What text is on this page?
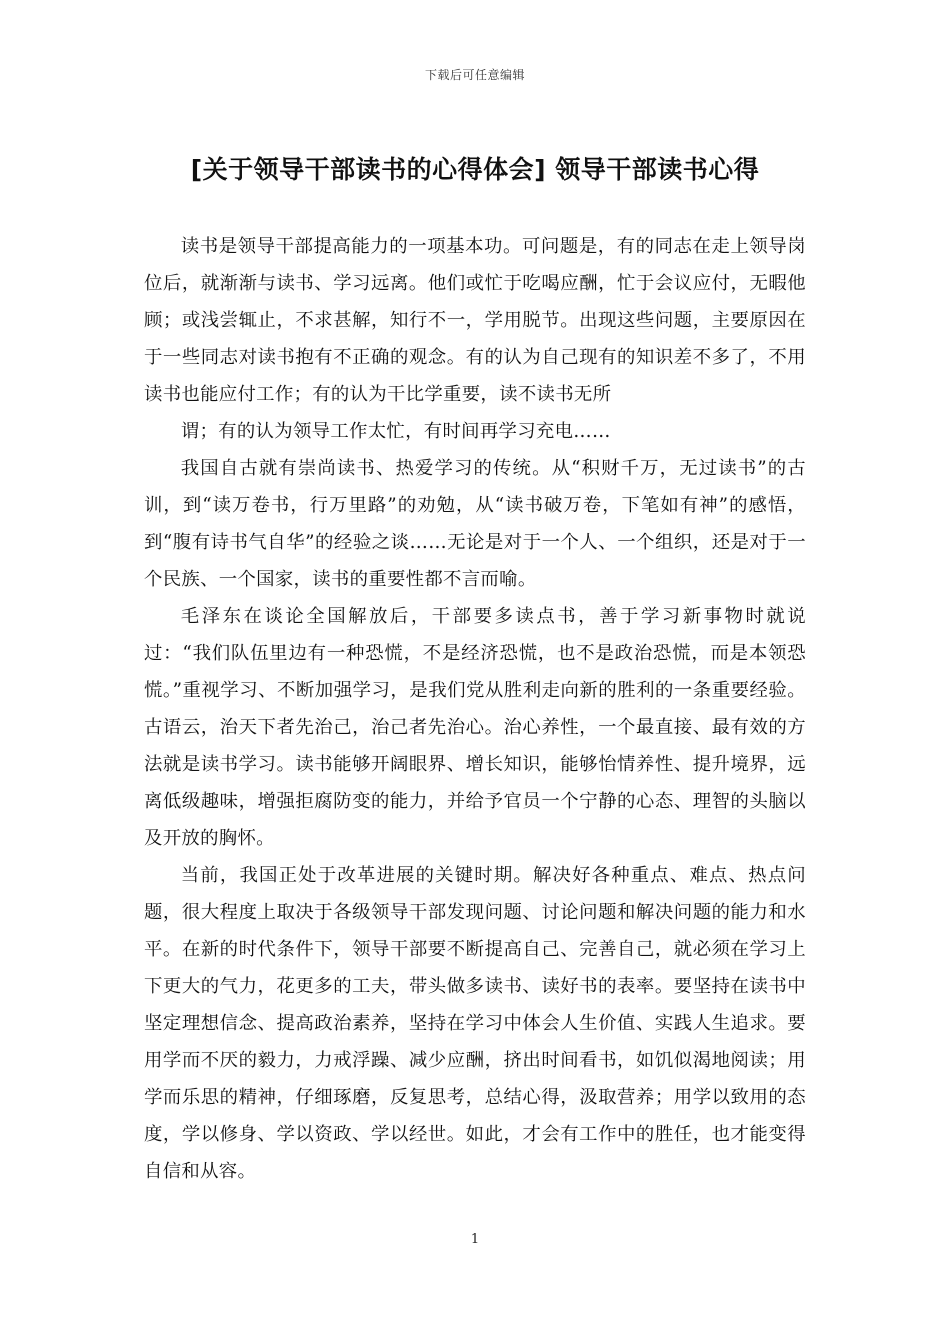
下载后可任意编辑
[关于领导干部读书的心得体会] 领导干部读书心得

读书是领导干部提高能力的一项基本功。可问题是，有的同志在走上领导岗位后，就渐渐与读书、学习远离。他们或忙于吃喝应酬，忙于会议应付，无暇他顾；或浅尝辄止，不求甚解，知行不一，学用脱节。出现这些问题，主要原因在于一些同志对读书抱有不正确的观念。有的认为自己现有的知识差不多了，不用读书也能应付工作；有的认为干比学重要，读不读书无所

谓；有的认为领导工作太忙，有时间再学习充电……

我国自古就有崇尚读书、热爱学习的传统。从“积财千万，无过读书”的古训，到“读万卷书，行万里路”的劝勉，从“读书破万卷，下笔如有神”的感悟，到“腹有诗书气自华”的经验之谈……无论是对于一个人、一个组织，还是对于一个民族、一个国家，读书的重要性都不言而喻。

毛泽东在谈论全国解放后，干部要多读点书，善于学习新事物时就说过：“我们队伍里边有一种恐慌，不是经济恐慌，也不是政治恐慌，而是本领恐慌。”重视学习、不断加强学习，是我们党从胜利走向新的胜利的一条重要经验。古语云，治天下者先治己，治己者先治心。治心养性，一个最直接、最有效的方法就是读书学习。读书能够开阔眼界、增长知识，能够怡情养性、提升境界，远离低级趣味，增强拒腐防变的能力，并给予官员一个宁静的心态、理智的头脑以及开放的胸怀。

当前，我国正处于改革进展的关键时期。解决好各种重点、难点、热点问题，很大程度上取决于各级领导干部发现问题、讨论问题和解决问题的能力和水平。在新的时代条件下，领导干部要不断提高自己、完善自己，就必须在学习上下更大的气力，花更多的工夫，带头做多读书、读好书的表率。要坚持在读书中坚定理想信念、提高政治素养，坚持在学习中体会人生价值、实践人生追求。要用学而不厌的毅力，力戒浮躁、减少应酬，挤出时间看书，如饥似渴地阅读；用学而乐思的精神，仔细琢磨，反复思考，总结心得，汲取营养；用学以致用的态度，学以修身、学以资政、学以经世。如此，才会有工作中的胜任，也才能变得自信和从容。

1
